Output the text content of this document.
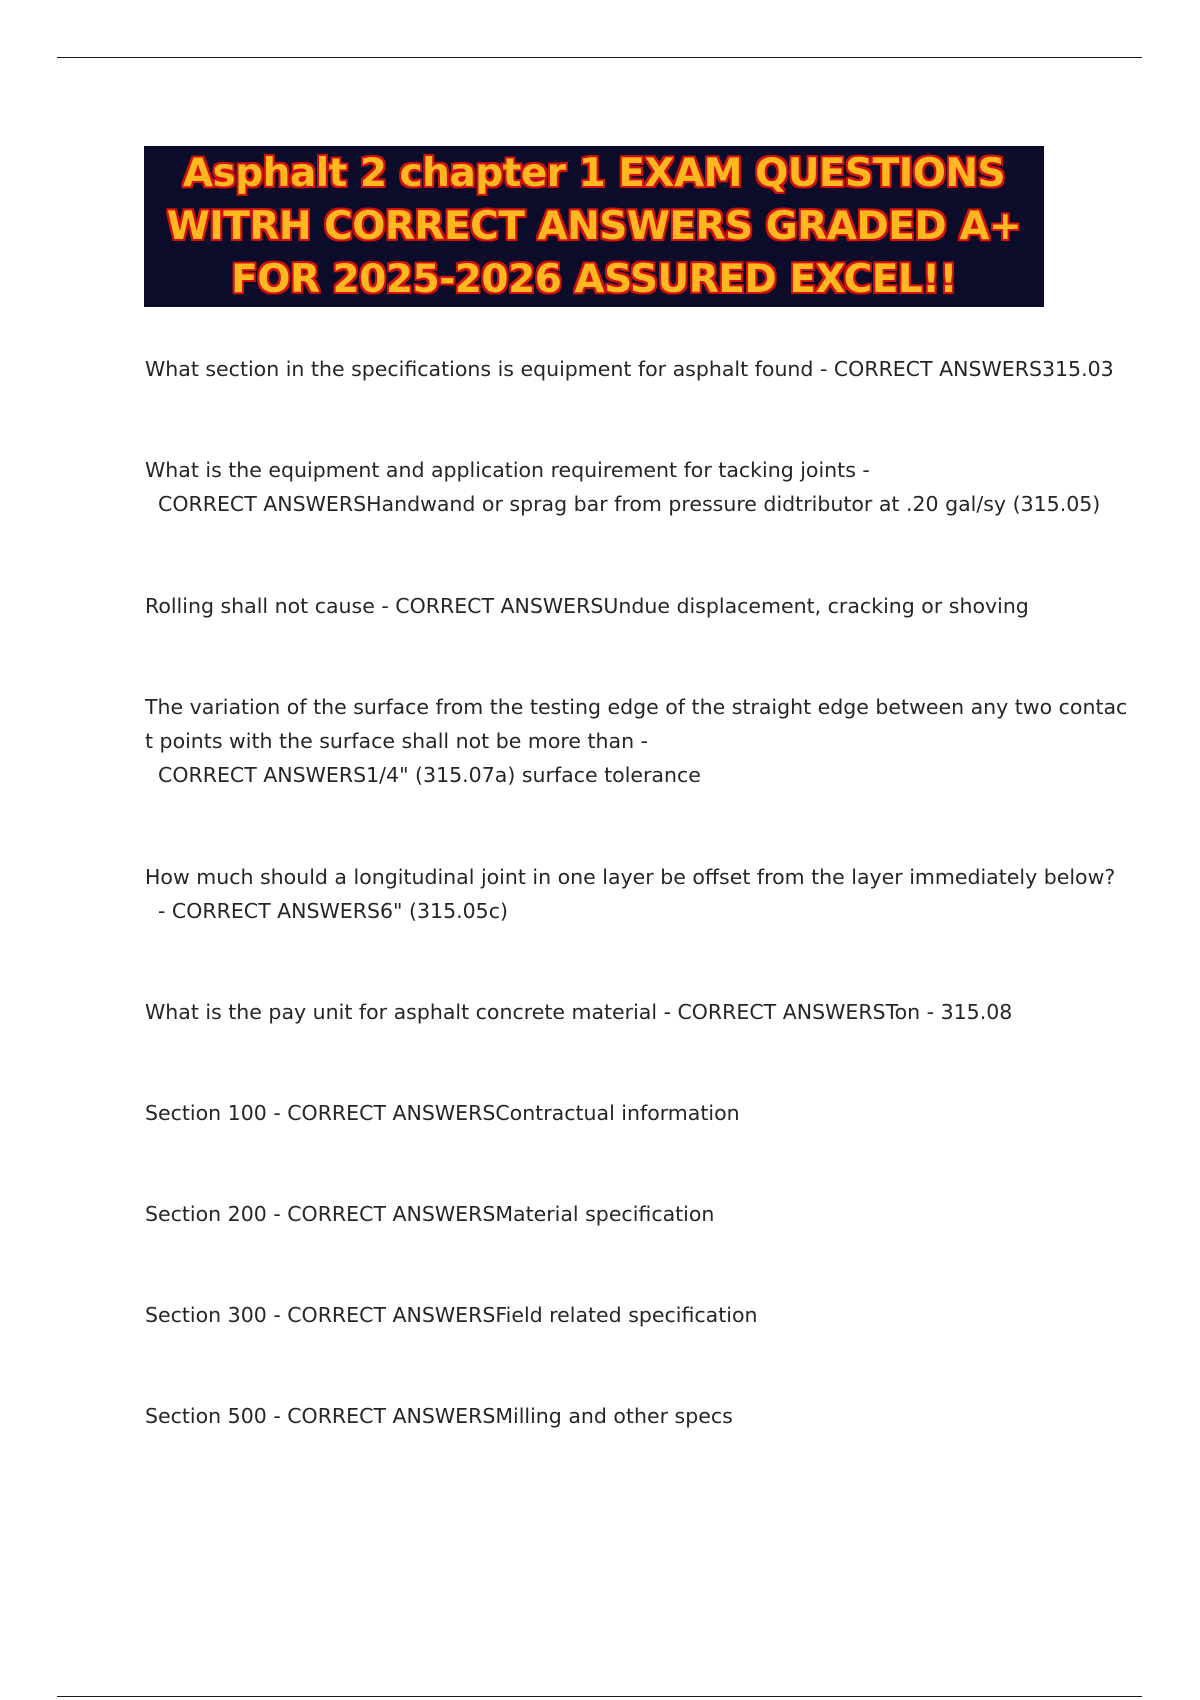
Asphalt 2 chapter 1 EXAM QUESTIONS
WITRH CORRECT ANSWERS GRADED A+
FOR 2025-2026 ASSURED EXCEL!!
What section in the specifications is equipment for asphalt found - CORRECT ANSWERS315.03
What is the equipment and application requirement for tacking joints -
CORRECT ANSWERSHandwand or sprag bar from pressure didtributor at .20 gal/sy (315.05)
Rolling shall not cause - CORRECT ANSWERSUndue displacement, cracking or shoving
The variation of the surface from the testing edge of the straight edge between any two contac
t points with the surface shall not be more than -
CORRECT ANSWERS1/4" (315.07a) surface tolerance
How much should a longitudinal joint in one layer be offset from the layer immediately below?
- CORRECT ANSWERS6" (315.05c)
What is the pay unit for asphalt concrete material - CORRECT ANSWERSTon - 315.08
Section 100 - CORRECT ANSWERSContractual information
Section 200 - CORRECT ANSWERSMaterial specification
Section 300 - CORRECT ANSWERSField related specification
Section 500 - CORRECT ANSWERSMilling and other specs
